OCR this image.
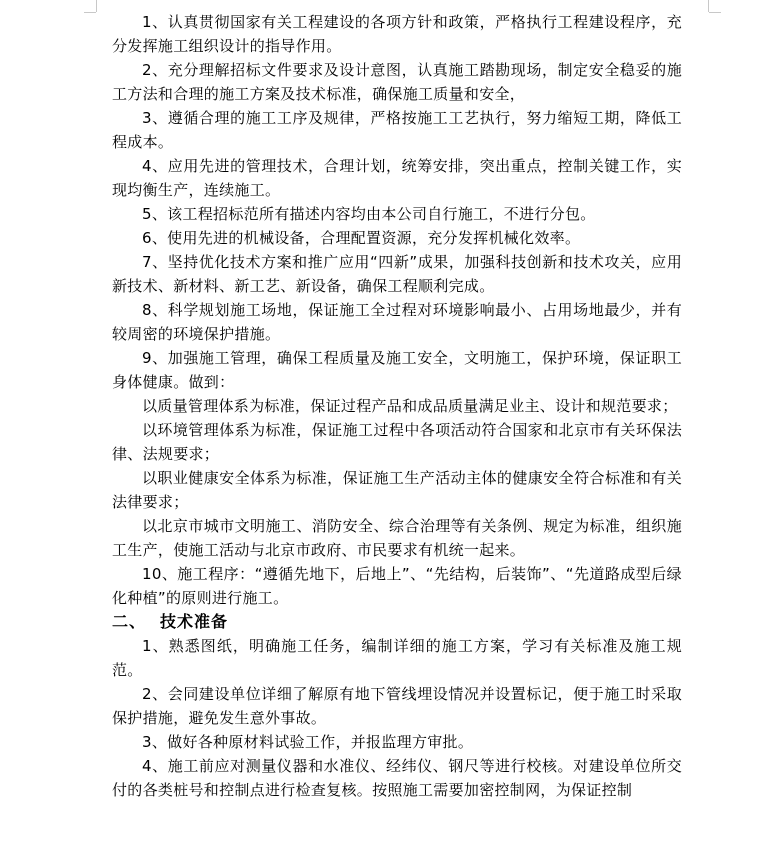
1、认真贯彻国家有关工程建设的各项方针和政策，严格执行工程建设程序，充分发挥施工组织设计的指导作用。

2、充分理解招标文件要求及设计意图，认真施工踏勘现场，制定安全稳妥的施工方法和合理的施工方案及技术标准，确保施工质量和安全，

3、遵循合理的施工工序及规律，严格按施工工艺执行，努力缩短工期，降低工程成本。

4、应用先进的管理技术，合理计划，统筹安排，突出重点，控制关键工作，实现均衡生产，连续施工。

5、该工程招标范所有描述内容均由本公司自行施工，不进行分包。

6、使用先进的机械设备，合理配置资源，充分发挥机械化效率。

7、坚持优化技术方案和推广应用“四新”成果，加强科技创新和技术攻关，应用新技术、新材料、新工艺、新设备，确保工程顺利完成。

8、科学规划施工场地，保证施工全过程对环境影响最小、占用场地最少，并有较周密的环境保护措施。

9、加强施工管理，确保工程质量及施工安全，文明施工，保护环境，保证职工身体健康。做到：

以质量管理体系为标准，保证过程产品和成品质量满足业主、设计和规范要求；

以环境管理体系为标准，保证施工过程中各项活动符合国家和北京市有关环保法律、法规要求；

以职业健康安全体系为标准，保证施工生产活动主体的健康安全符合标准和有关法律要求；

以北京市城市文明施工、消防安全、综合治理等有关条例、规定为标准，组织施工生产，使施工活动与北京市政府、市民要求有机统一起来。

10、施工程序：“遵循先地下，后地上”、“先结构，后装饰”、“先道路成型后绿化种植”的原则进行施工。

二、 技术准备

1、熟悉图纸，明确施工任务，编制详细的施工方案，学习有关标准及施工规范。

2、会同建设单位详细了解原有地下管线埋设情况并设置标记，便于施工时采取保护措施，避免发生意外事故。

3、做好各种原材料试验工作，并报监理方审批。

4、施工前应对测量仪器和水准仪、经纬仪、钢尺等进行校核。对建设单位所交付的各类桩号和控制点进行检查复核。按照施工需要加密控制网，为保证控制
